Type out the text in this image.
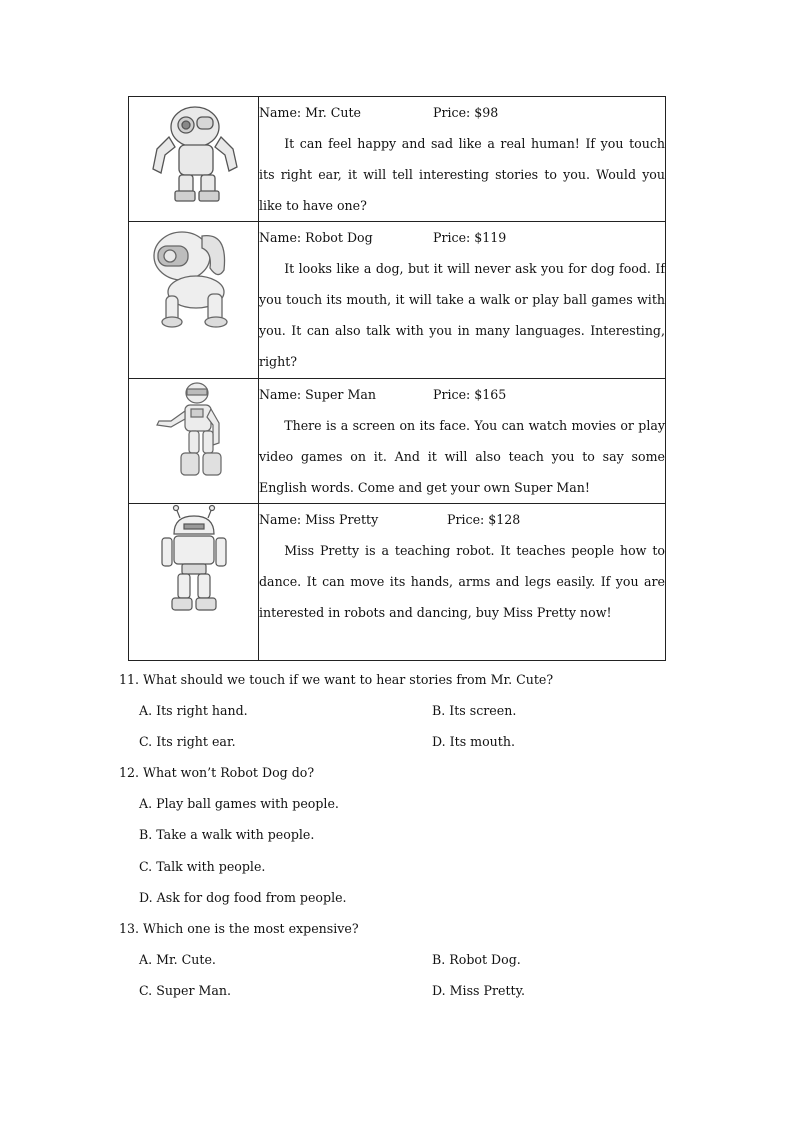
Name: Mr. Cute Price: $98

It can feel happy and sad like a real human! If you touch its right ear, it will tell interesting stories to you. Would you like to have one?

Name: Robot Dog Price: $119

It looks like a dog, but it will never ask you for dog food. If you touch its mouth, it will take a walk or play ball games with you. It can also talk with you in many languages. Interesting, right?

Name: Super Man Price: $165

There is a screen on its face. You can watch movies or play video games on it. And it will also teach you to say some English words. Come and get your own Super Man!

Name: Miss Pretty Price: $128

Miss Pretty is a teaching robot. It teaches people how to dance. It can move its hands, arms and legs easily. If you are interested in robots and dancing, buy Miss Pretty now!

11. What should we touch if we want to hear stories from Mr. Cute?
A. Its right hand.	B. Its screen.
C. Its right ear.	D. Its mouth.
12. What won’t Robot Dog do?
A. Play ball games with people.
B. Take a walk with people.
C. Talk with people.
D. Ask for dog food from people.
13. Which one is the most expensive?
A. Mr. Cute.	B. Robot Dog.
C. Super Man.	D. Miss Pretty.
